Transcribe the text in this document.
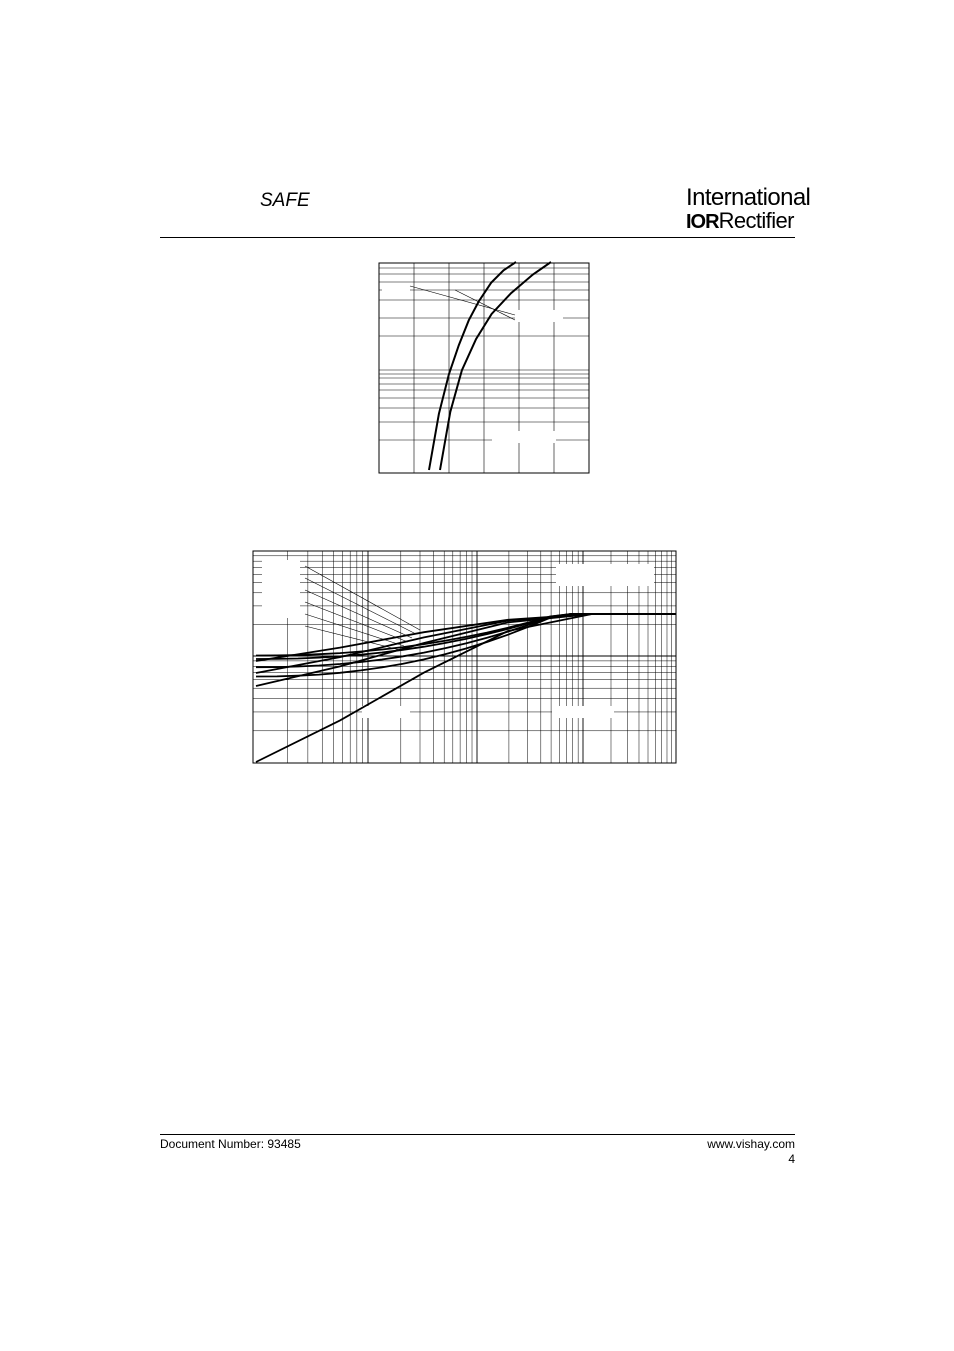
SAFE	International
IORRectifier
Document Number: 93485	www.vishay.com
4
